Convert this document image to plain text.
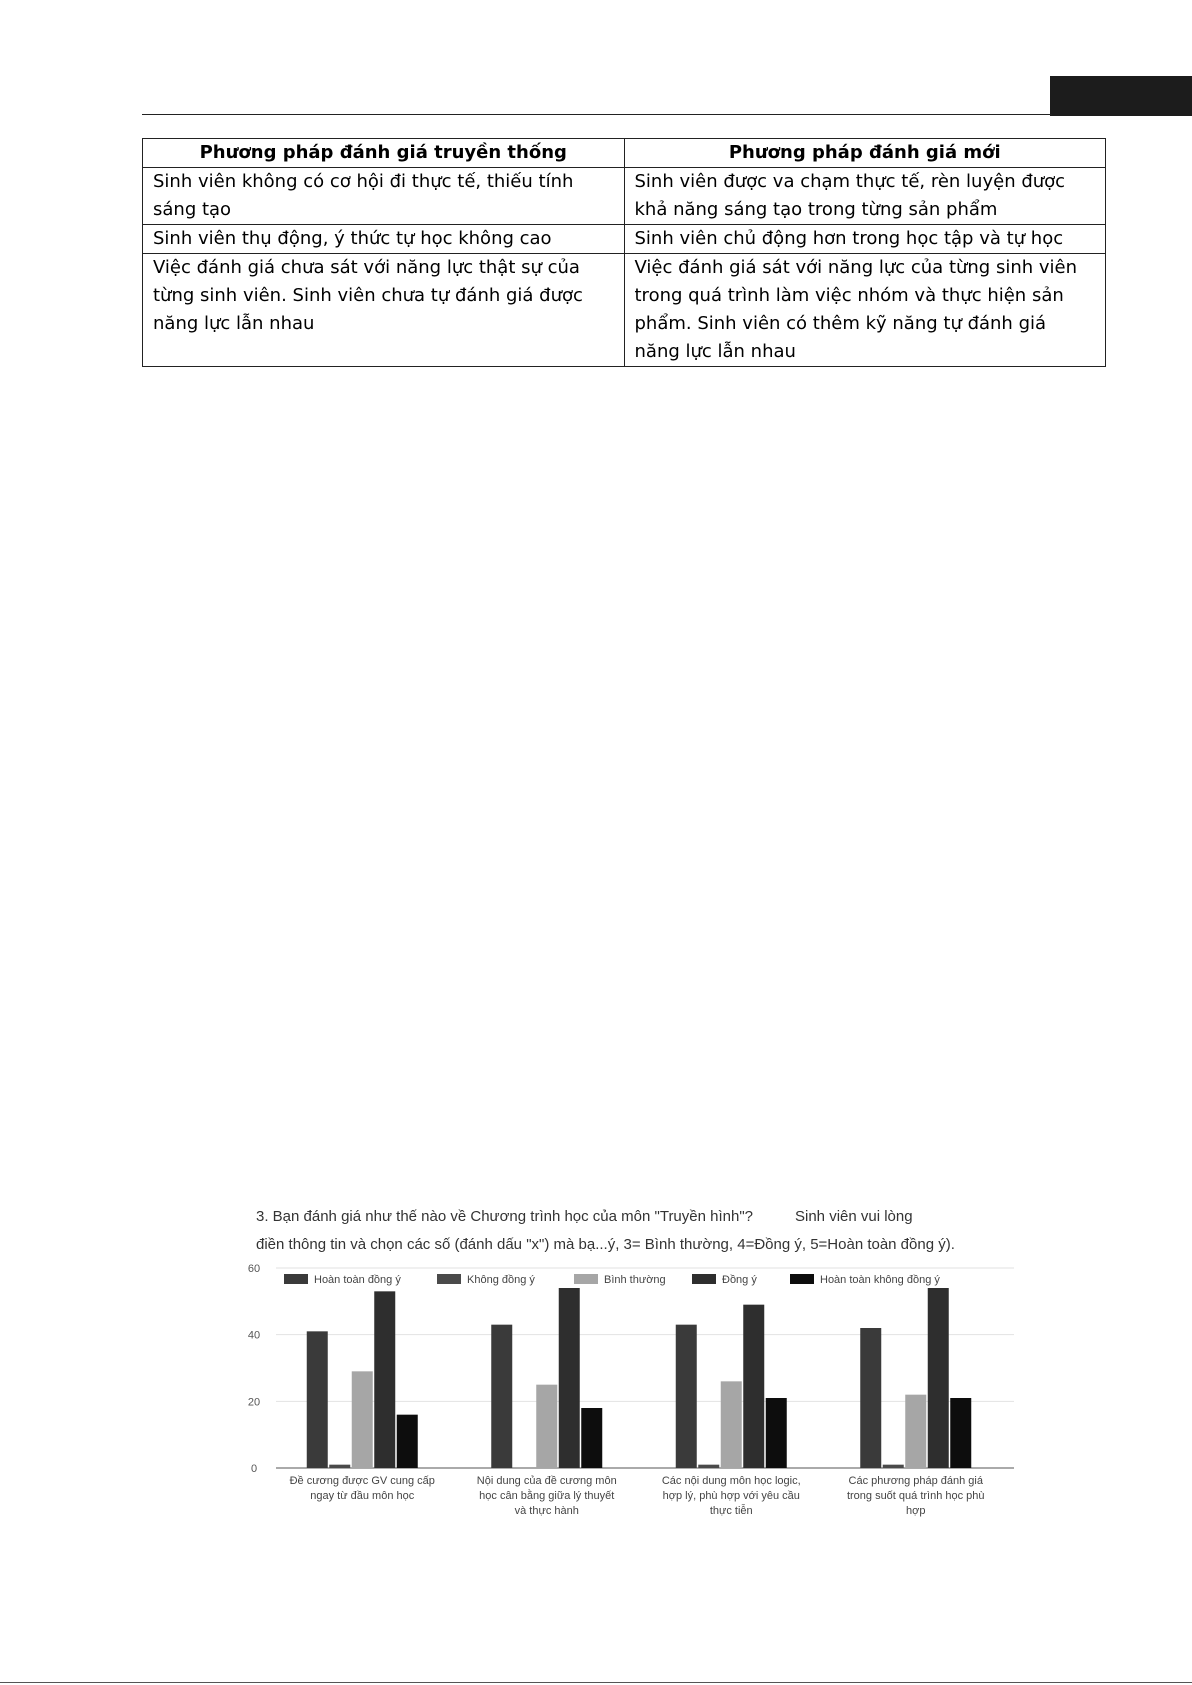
Phương pháp đánh giá truyền thống	Phương pháp đánh giá mới
Sinh viên không có cơ hội đi thực tế, thiếu tính sáng tạo	Sinh viên được va chạm thực tế, rèn luyện được khả năng sáng tạo trong từng sản phẩm
Sinh viên thụ động, ý thức tự học không cao	Sinh viên chủ động hơn trong học tập và tự học
Việc đánh giá chưa sát với năng lực thật sự của từng sinh viên. Sinh viên chưa tự đánh giá được năng lực lẫn nhau	Việc đánh giá sát với năng lực của từng sinh viên trong quá trình làm việc nhóm và thực hiện sản phẩm. Sinh viên có thêm kỹ năng tự đánh giá năng lực lẫn nhau
3. Bạn đánh giá như thế nào về Chương trình học của môn "Truyền hình"?	Sinh viên vui lòng
điền thông tin và chọn các số (đánh dấu "x") mà bạ...ý, 3= Bình thường, 4=Đồng ý, 5=Hoàn toàn đồng ý).
0
20
40
60
Hoàn toàn đồng ý	Không đồng ý	Bình thường	Đồng ý	Hoàn toàn không đồng ý
Đề cương được GV cung cấp
ngay từ đầu môn học
Nội dung của đề cương môn
học cân bằng giữa lý thuyết
và thực hành
Các nội dung môn học logic,
hợp lý, phù hợp với yêu cầu
thực tiễn
Các phương pháp đánh giá
trong suốt quá trình học phù
hợp
